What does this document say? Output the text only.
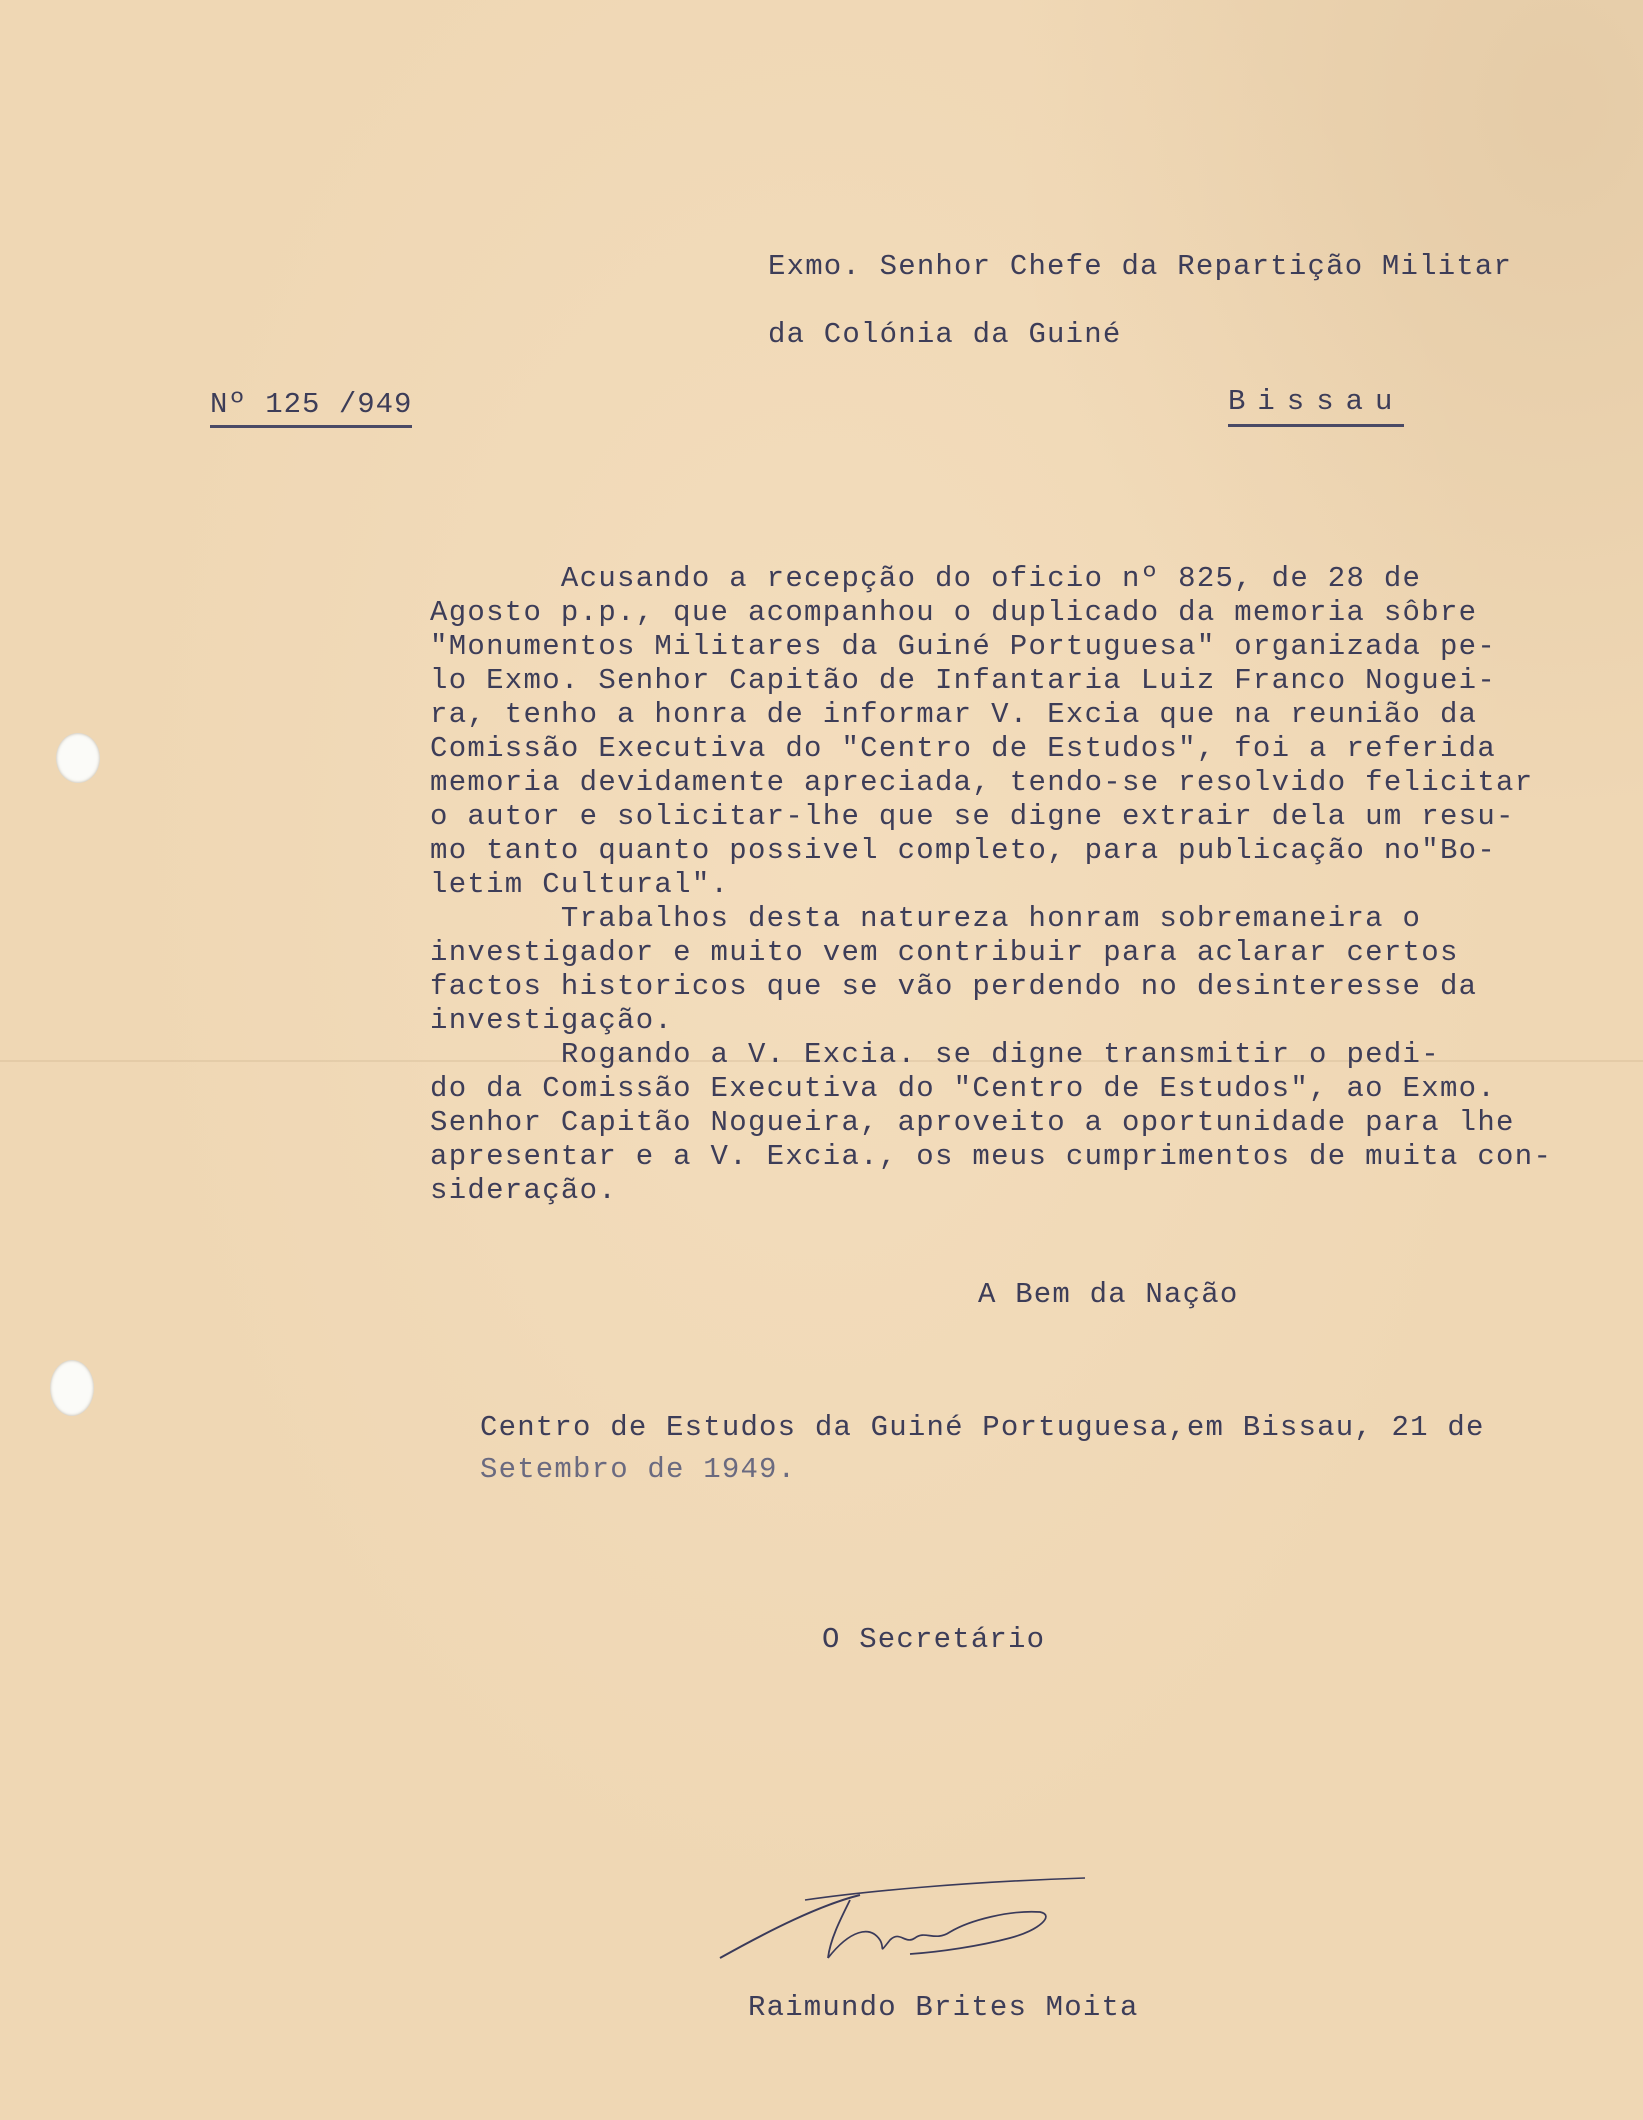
Exmo. Senhor Chefe da Repartição Militar
da Colónia da Guiné
Nº 125 /949	Bissau
Acusando a recepção do oficio nº 825, de 28 de
Agosto p.p., que acompanhou o duplicado da memoria sôbre
"Monumentos Militares da Guiné Portuguesa" organizada pe-
lo Exmo. Senhor Capitão de Infantaria Luiz Franco Noguei-
ra, tenho a honra de informar V. Excia que na reunião da
Comissão Executiva do "Centro de Estudos", foi a referida
memoria devidamente apreciada, tendo-se resolvido felicitar
o autor e solicitar-lhe que se digne extrair dela um resu-
mo tanto quanto possivel completo, para publicação no"Bo-
letim Cultural".
Trabalhos desta natureza honram sobremaneira o
investigador e muito vem contribuir para aclarar certos
factos historicos que se vão perdendo no desinteresse da
investigação.
Rogando a V. Excia. se digne transmitir o pedi-
do da Comissão Executiva do "Centro de Estudos", ao Exmo.
Senhor Capitão Nogueira, aproveito a oportunidade para lhe
apresentar e a V. Excia., os meus cumprimentos de muita con-
sideração.
A Bem da Nação
Centro de Estudos da Guiné Portuguesa,em Bissau, 21 de
Setembro de 1949.
O Secretário
Raimundo Brites Moita
